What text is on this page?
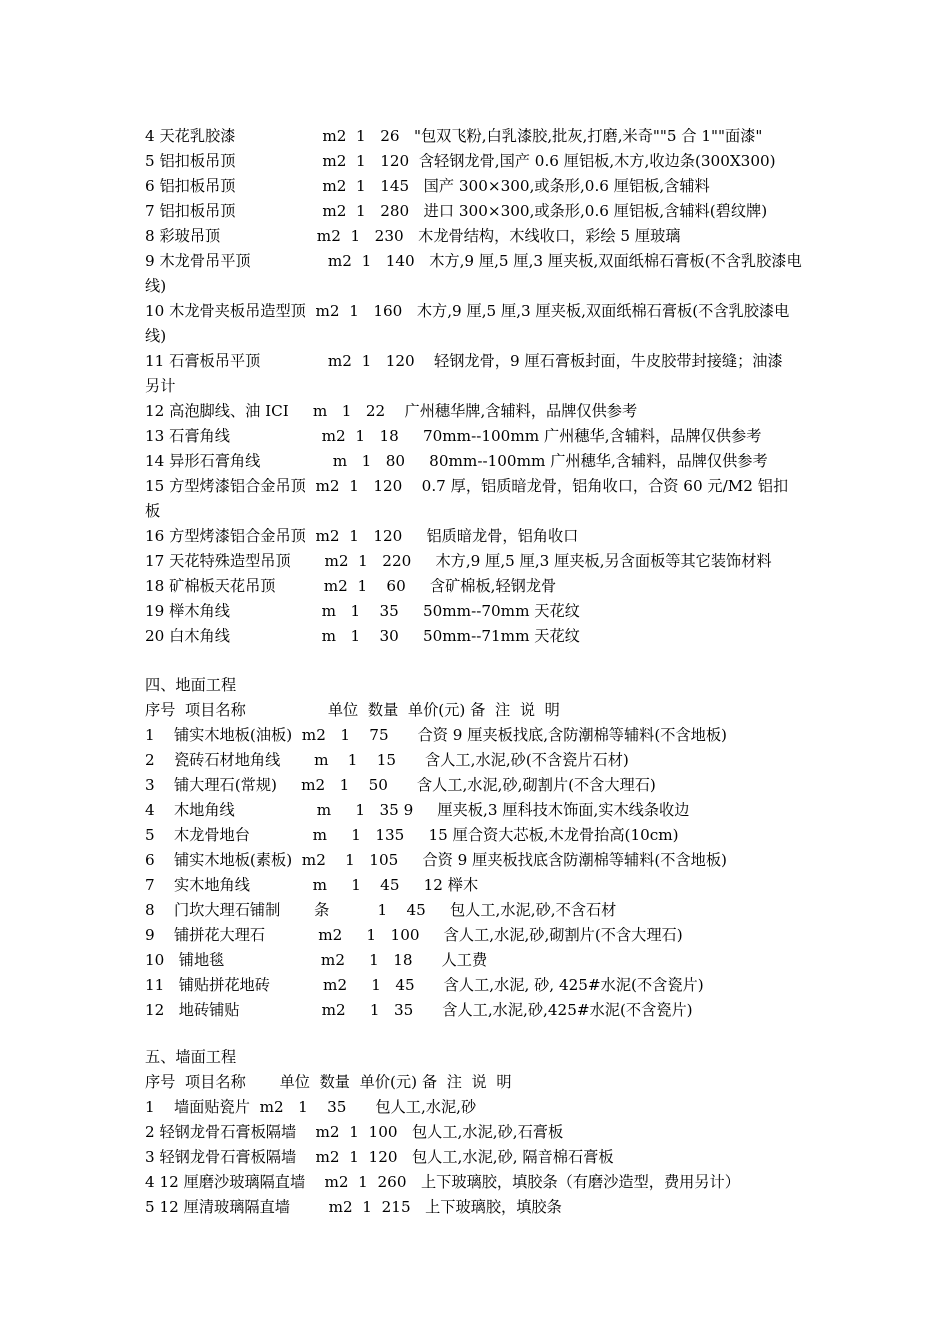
4 天花乳胶漆                  m2  1   26   "包双飞粉,白乳漆胶,批灰,打磨,米奇""5 合 1""面漆"
5 铝扣板吊顶                  m2  1   120  含轻钢龙骨,国产 0.6 厘铝板,木方,收边条(300X300)
6 铝扣板吊顶                  m2  1   145   国产 300×300,或条形,0.6 厘铝板,含辅料
7 铝扣板吊顶                  m2  1   280   进口 300×300,或条形,0.6 厘铝板,含辅料(碧纹牌)
8 彩玻吊顶                    m2  1   230   木龙骨结构，木线收口，彩绘 5 厘玻璃
9 木龙骨吊平顶                m2  1   140   木方,9 厘,5 厘,3 厘夹板,双面纸棉石膏板(不含乳胶漆电
线)
10 木龙骨夹板吊造型顶  m2  1   160   木方,9 厘,5 厘,3 厘夹板,双面纸棉石膏板(不含乳胶漆电
线)
11 石膏板吊平顶              m2  1   120    轻钢龙骨，9 厘石膏板封面，牛皮胶带封接缝；油漆
另计
12 高泡脚线、油 ICI     m   1   22    广州穗华牌,含辅料，品牌仅供参考
13 石膏角线                   m2  1   18     70mm--100mm 广州穗华,含辅料，品牌仅供参考
14 异形石膏角线               m   1   80     80mm--100mm 广州穗华,含辅料，品牌仅供参考
15 方型烤漆铝合金吊顶  m2  1   120    0.7 厚，铝质暗龙骨，铝角收口，合资 60 元/M2 铝扣
板
16 方型烤漆铝合金吊顶  m2  1   120     铝质暗龙骨，铝角收口
17 天花特殊造型吊顶       m2  1   220     木方,9 厘,5 厘,3 厘夹板,另含面板等其它装饰材料
18 矿棉板天花吊顶          m2  1    60     含矿棉板,轻钢龙骨
19 榉木角线                   m   1    35     50mm--70mm 天花纹
20 白木角线                   m   1    30     50mm--71mm 天花纹
四、地面工程
序号  项目名称                 单位  数量  单价(元) 备  注  说  明
1    铺实木地板(油板)  m2   1    75      合资 9 厘夹板找底,含防潮棉等辅料(不含地板)
2    瓷砖石材地角线       m    1    15      含人工,水泥,砂(不含瓷片石材)
3    铺大理石(常规)     m2   1    50      含人工,水泥,砂,砌割片(不含大理石)
4    木地角线                 m     1   35 9     厘夹板,3 厘科技木饰面,实木线条收边
5    木龙骨地台             m     1   135     15 厘合资大芯板,木龙骨抬高(10cm)
6    铺实木地板(素板)  m2    1   105     合资 9 厘夹板找底含防潮棉等辅料(不含地板)
7    实木地角线             m     1    45     12 榉木
8    门坎大理石铺制       条          1    45     包人工,水泥,砂,不含石材
9    铺拼花大理石           m2     1   100     含人工,水泥,砂,砌割片(不含大理石)
10   铺地毯                    m2     1   18      人工费
11   铺贴拼花地砖           m2     1   45      含人工,水泥, 砂, 425#水泥(不含瓷片)
12   地砖铺贴                 m2     1   35      含人工,水泥,砂,425#水泥(不含瓷片)
五、墙面工程
序号  项目名称       单位  数量  单价(元) 备  注  说  明
1    墙面贴瓷片  m2   1    35      包人工,水泥,砂
2 轻钢龙骨石膏板隔墙    m2  1  100   包人工,水泥,砂,石膏板
3 轻钢龙骨石膏板隔墙    m2  1  120   包人工,水泥,砂, 隔音棉石膏板
4 12 厘磨沙玻璃隔直墙    m2  1  260   上下玻璃胶，填胶条（有磨沙造型，费用另计）
5 12 厘清玻璃隔直墙        m2  1  215   上下玻璃胶，填胶条
